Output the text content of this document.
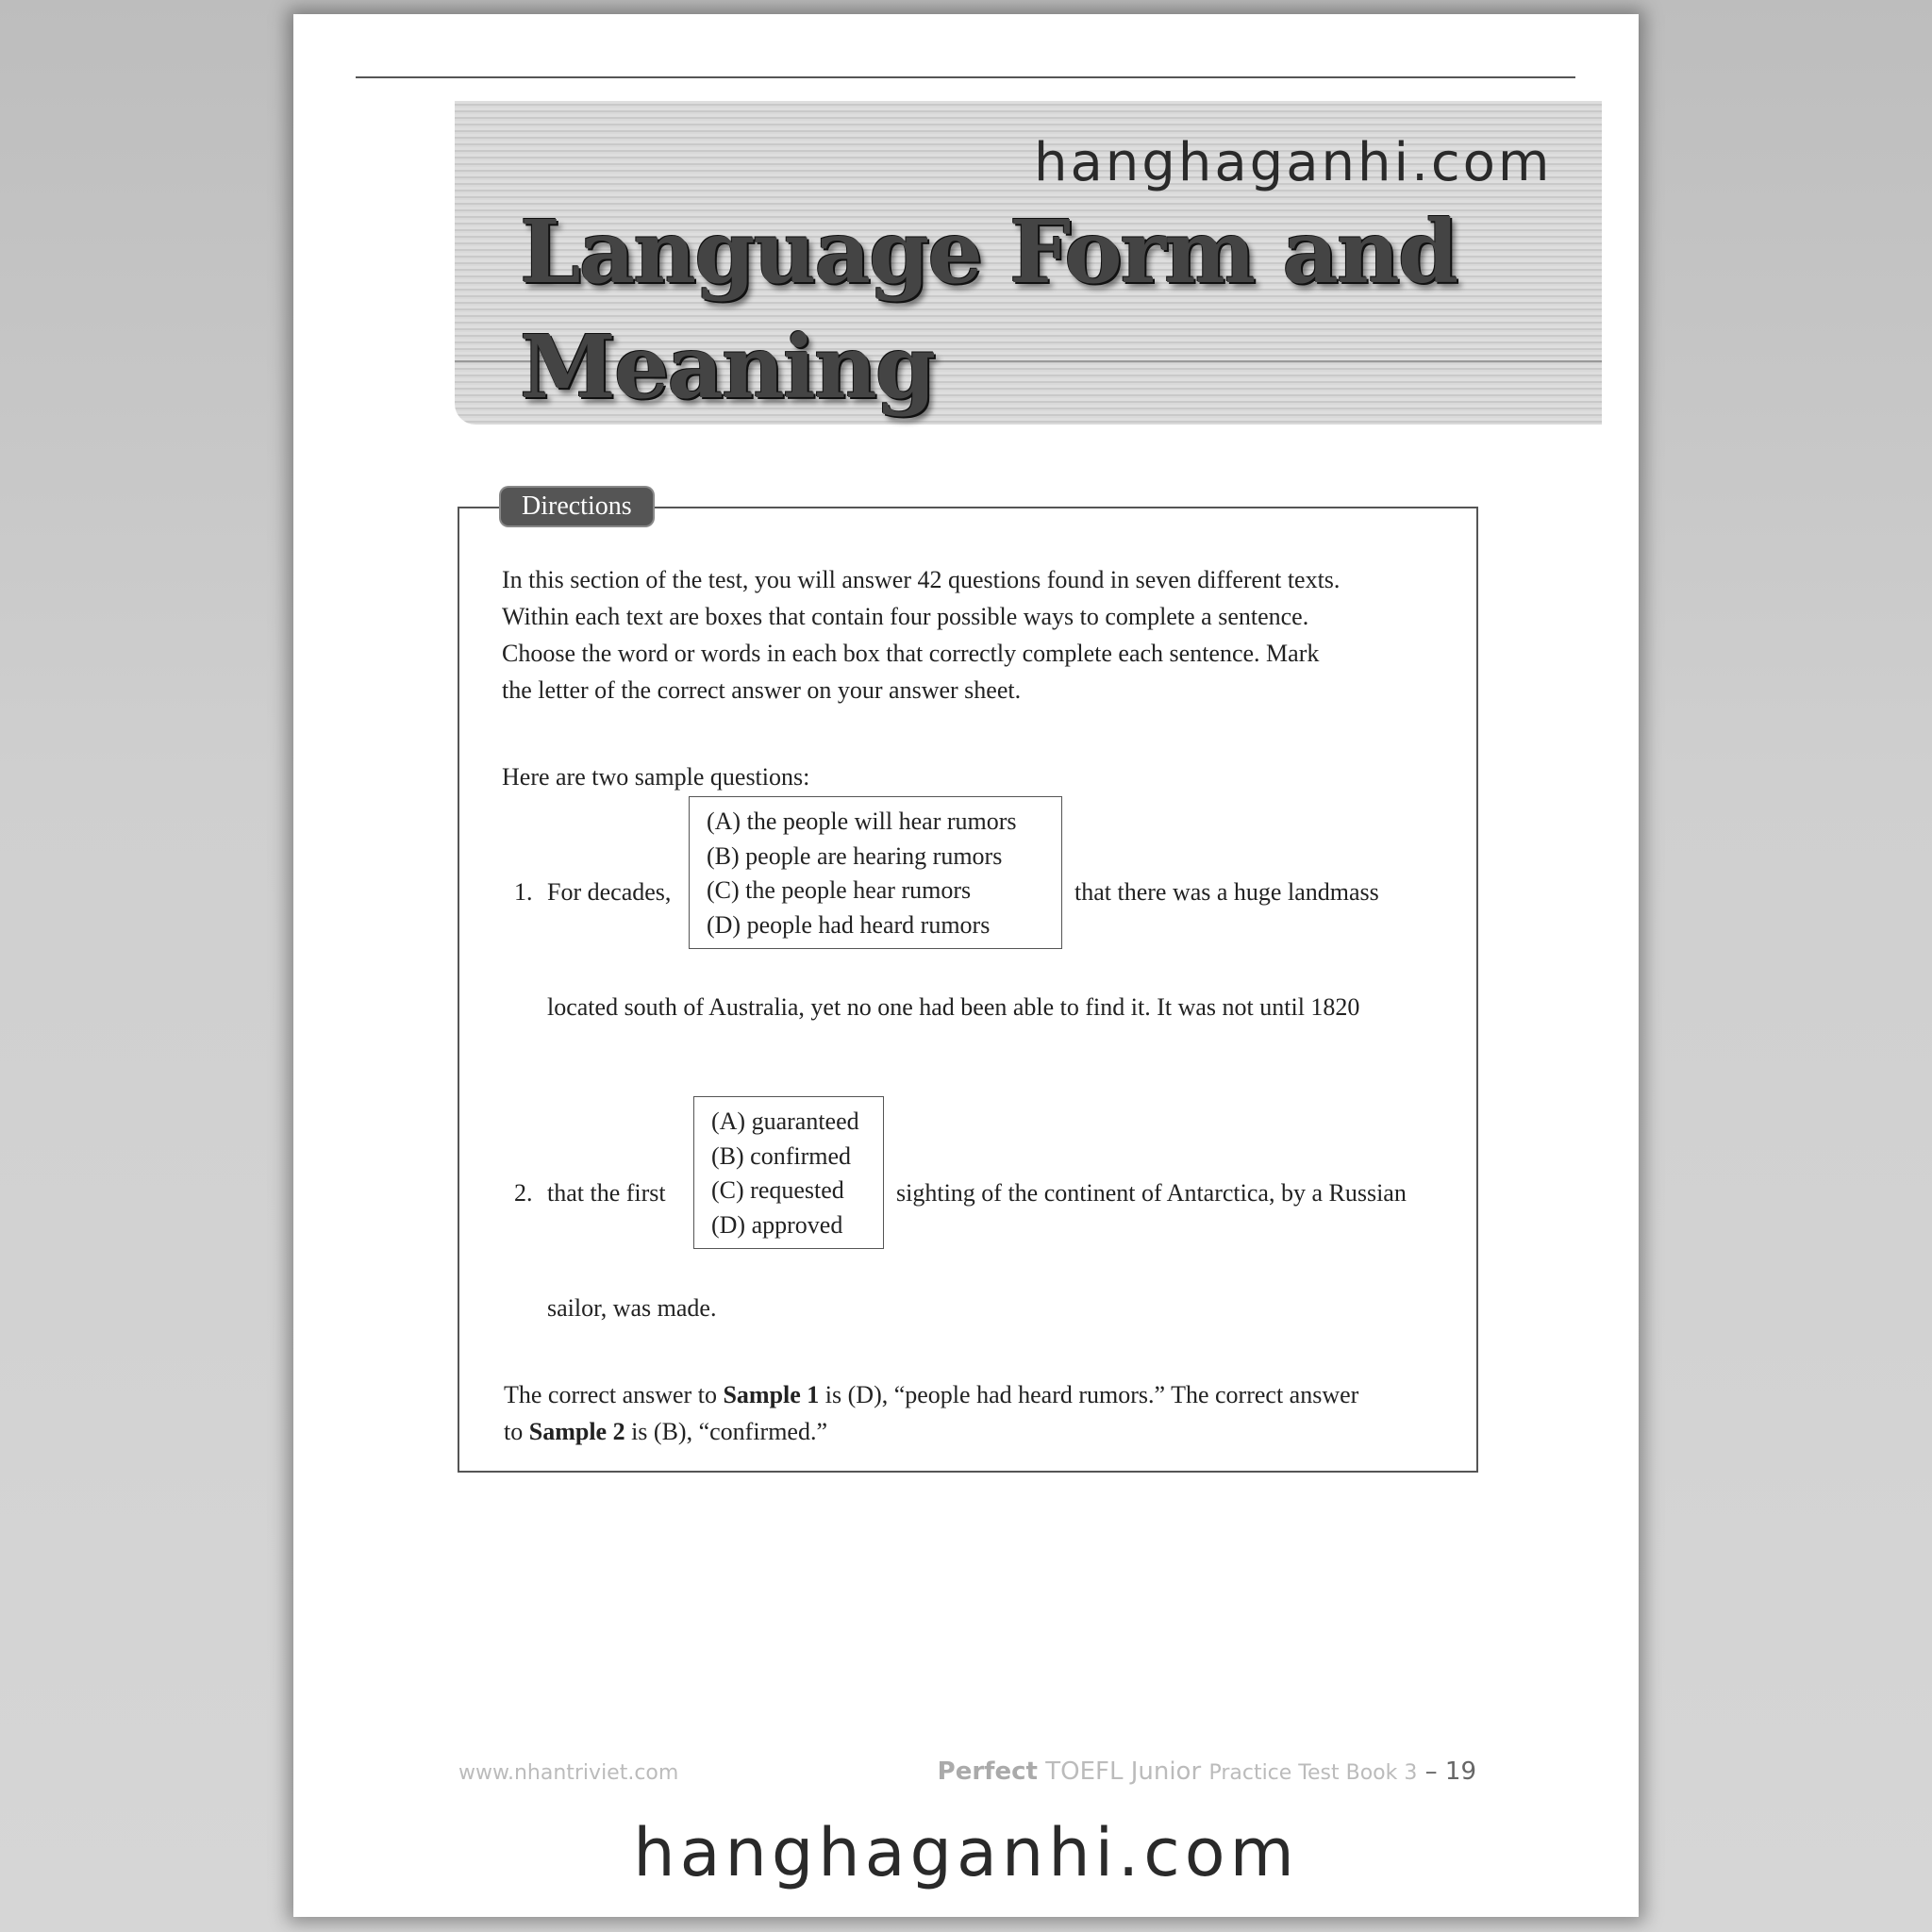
hanghaganhi.com
Language Form and
Meaning
Directions
In this section of the test, you will answer 42 questions found in seven different texts.
Within each text are boxes that contain four possible ways to complete a sentence.
Choose the word or words in each box that correctly complete each sentence. Mark
the letter of the correct answer on your answer sheet.
Here are two sample questions:
1. For decades,
(A) the people will hear rumors
(B) people are hearing rumors
(C) the people hear rumors
(D) people had heard rumors
that there was a huge landmass
located south of Australia, yet no one had been able to find it. It was not until 1820
2. that the first
(A) guaranteed
(B) confirmed
(C) requested
(D) approved
sighting of the continent of Antarctica, by a Russian
sailor, was made.
The correct answer to Sample 1 is (D), “people had heard rumors.” The correct answer
to Sample 2 is (B), “confirmed.”
www.nhantriviet.com	Perfect TOEFL Junior Practice Test Book 3 – 19
hanghaganhi.com
